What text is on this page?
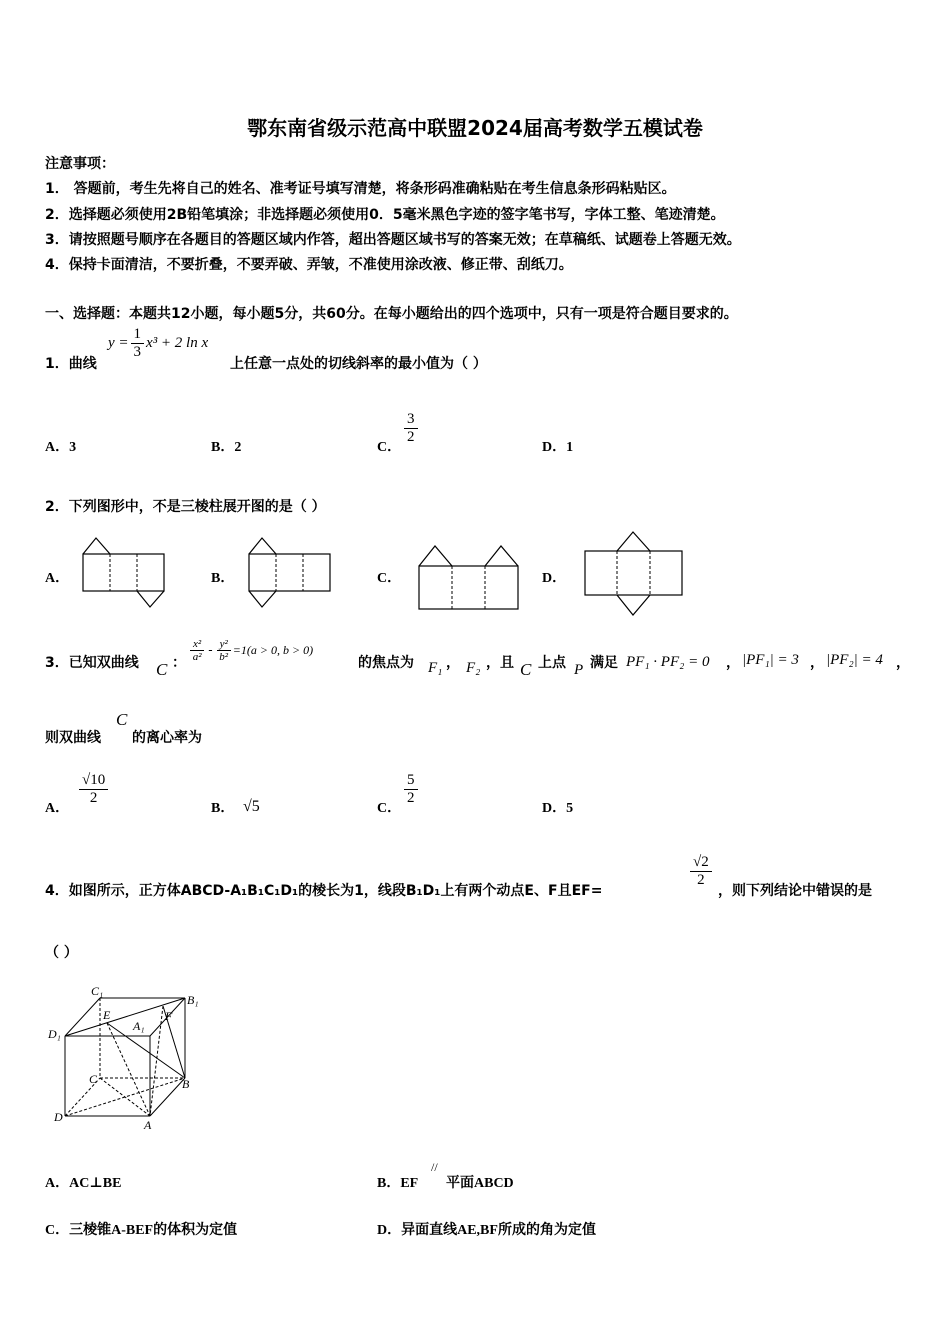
鄂东南省级示范高中联盟2024届高考数学五模试卷
注意事项：
1． 答题前，考生先将自己的姓名、准考证号填写清楚，将条形码准确粘贴在考生信息条形码粘贴区。
2．选择题必须使用2B铅笔填涂；非选择题必须使用0．5毫米黑色字迹的签字笔书写，字体工整、笔迹清楚。
3．请按照题号顺序在各题目的答题区域内作答，超出答题区域书写的答案无效；在草稿纸、试题卷上答题无效。
4．保持卡面清洁，不要折叠，不要弄破、弄皱，不准使用涂改液、修正带、刮纸刀。
一、选择题：本题共12小题，每小题5分，共60分。在每小题给出的四个选项中，只有一项是符合题目要求的。
1．曲线
$y = \frac{1}{3} x^3 + 2$ ln x
上任意一点处的切线斜率的最小值为（ ）
A．3	B．2	C．
$\frac{3}{2}$
D．1
2．下列图形中，不是三棱柱展开图的是（ ）
A．	B．	C．	D．
3．已知双曲线 C ： $\frac{\text{x²}}{\text{a²}} - \frac{\text{y²}}{\text{b²}} =1(a > 0$, b > 0)
的焦点为 F₁ ， F₂ ，且 C 上点 P 满足 PF₁ · PF₂ = 0 ， |PF₁| = 3 ， |PF₂| = 4 ，
则双曲线
C
的离心率为
A．
$\frac{√10}{2}$
B． √5	C．
$\frac{5}{2}$
D．5
4．如图所示，正方体ABCD-A₁B₁C₁D₁的棱长为1，线段B₁D₁上有两个动点E、F且EF=
$\frac{√2}{2}$
，则下列结论中错误的是
（ ）
C₁
B₁
D₁
E
A₁
F
C	B
D
A
A．AC⊥BE	B．EF
//
平面ABCD
C．三棱锥A-BEF的体积为定值	D．异面直线AE,BF所成的角为定值
